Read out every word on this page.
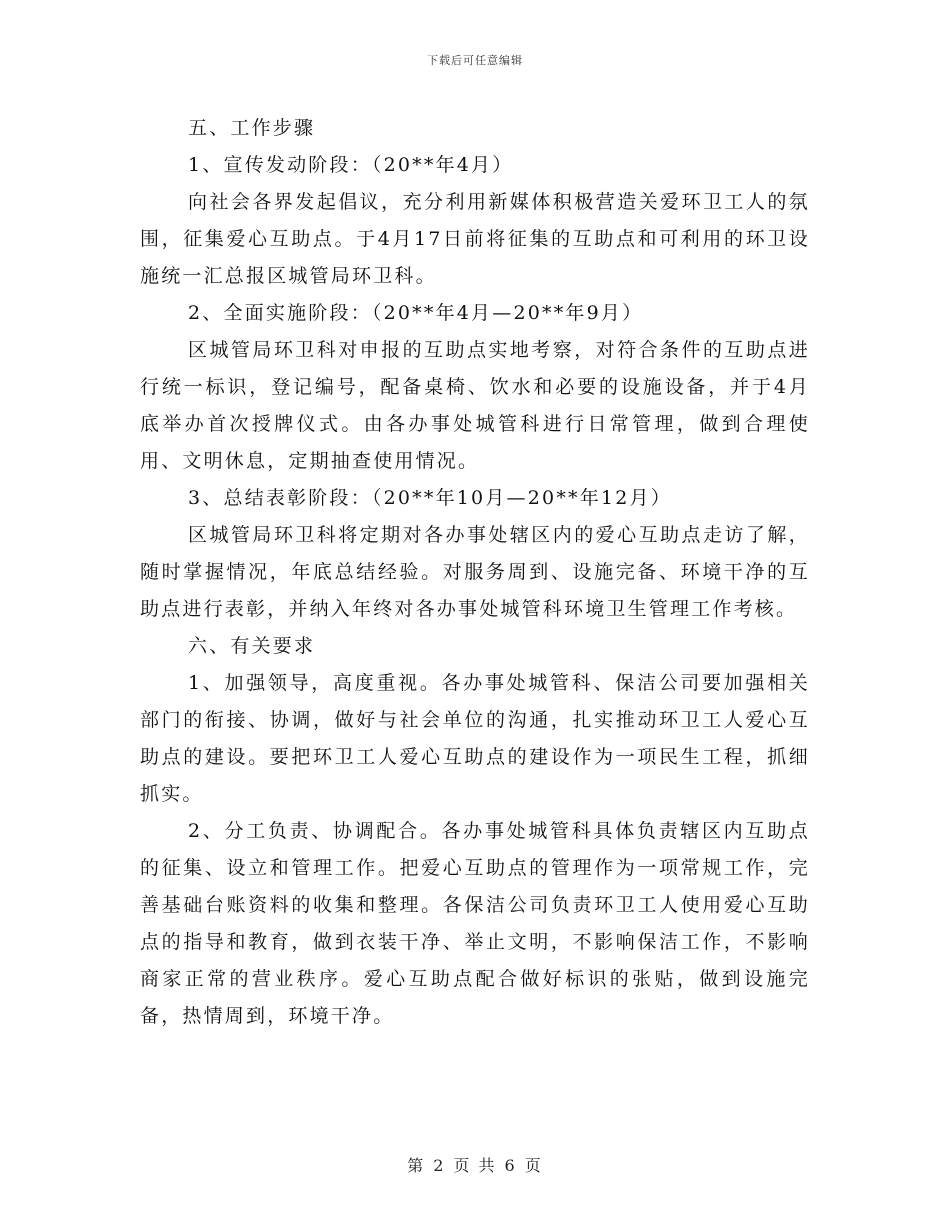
下载后可任意编辑

五、工作步骤

1、宣传发动阶段：（20**年4月）

向社会各界发起倡议，充分利用新媒体积极营造关爱环卫工人的氛围，征集爱心互助点。于4月17日前将征集的互助点和可利用的环卫设施统一汇总报区城管局环卫科。

2、全面实施阶段：（20**年4月—20**年9月）

区城管局环卫科对申报的互助点实地考察，对符合条件的互助点进行统一标识，登记编号，配备桌椅、饮水和必要的设施设备，并于4月底举办首次授牌仪式。由各办事处城管科进行日常管理，做到合理使用、文明休息，定期抽查使用情况。

3、总结表彰阶段：（20**年10月—20**年12月）

区城管局环卫科将定期对各办事处辖区内的爱心互助点走访了解，随时掌握情况，年底总结经验。对服务周到、设施完备、环境干净的互助点进行表彰，并纳入年终对各办事处城管科环境卫生管理工作考核。

六、有关要求

1、加强领导，高度重视。各办事处城管科、保洁公司要加强相关部门的衔接、协调，做好与社会单位的沟通，扎实推动环卫工人爱心互助点的建设。要把环卫工人爱心互助点的建设作为一项民生工程，抓细抓实。

2、分工负责、协调配合。各办事处城管科具体负责辖区内互助点的征集、设立和管理工作。把爱心互助点的管理作为一项常规工作，完善基础台账资料的收集和整理。各保洁公司负责环卫工人使用爱心互助点的指导和教育，做到衣装干净、举止文明，不影响保洁工作，不影响商家正常的营业秩序。爱心互助点配合做好标识的张贴，做到设施完备，热情周到，环境干净。

第 2 页 共 6 页
